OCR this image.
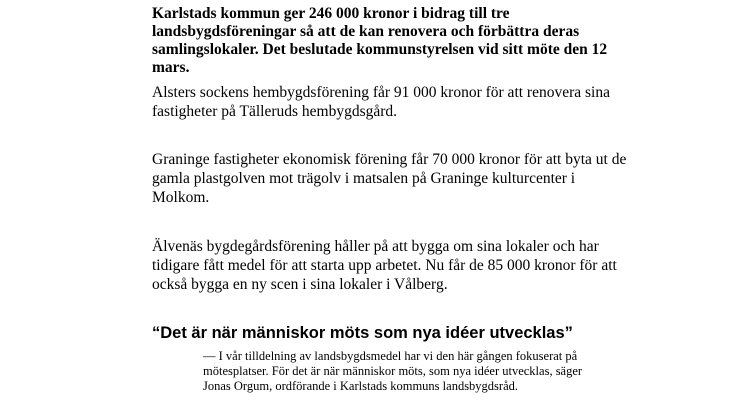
Karlstads kommun ger 246 000 kronor i bidrag till tre landsbygdsföreningar så att de kan renovera och förbättra deras samlingslokaler. Det beslutade kommunstyrelsen vid sitt möte den 12 mars.

Alsters sockens hembygdsförening får 91 000 kronor för att renovera sina fastigheter på Tälleruds hembygdsgård.

Graninge fastigheter ekonomisk förening får 70 000 kronor för att byta ut de gamla plastgolven mot trägolv i matsalen på Graninge kulturcenter i Molkom.

Älvenäs bygdegårdsförening håller på att bygga om sina lokaler och har tidigare fått medel för att starta upp arbetet. Nu får de 85 000 kronor för att också bygga en ny scen i sina lokaler i Vålberg.

“Det är när människor möts som nya idéer utvecklas”

— I vår tilldelning av landsbygdsmedel har vi den här gången fokuserat på mötesplatser. För det är när människor möts, som nya idéer utvecklas, säger Jonas Orgum, ordförande i Karlstads kommuns landsbygdsråd.
